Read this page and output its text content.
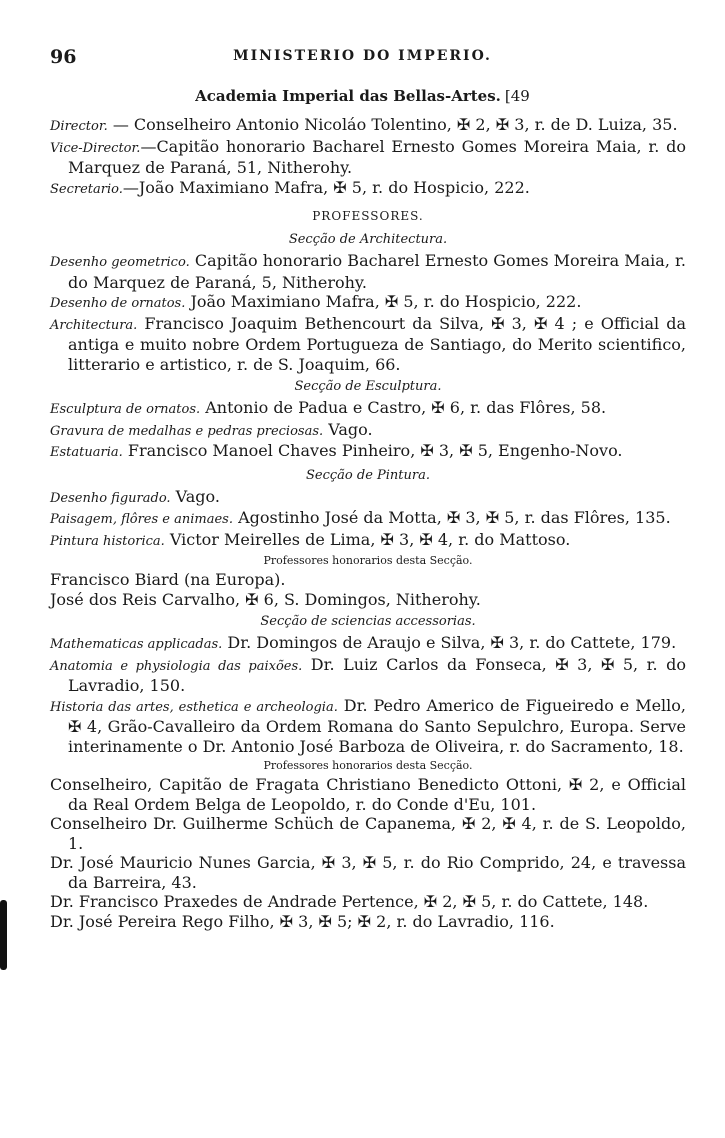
96	MINISTERIO DO IMPERIO.
Academia Imperial das Bellas-Artes. [49

Director. — Conselheiro Antonio Nicoláo Tolentino, ✠ 2, ✠ 3, r. de D. Luiza, 35.

Vice-Director.—Capitão honorario Bacharel Ernesto Gomes Moreira Maia, r. do Marquez de Paraná, 51, Nitherohy.

Secretario.—João Maximiano Mafra, ✠ 5, r. do Hospicio, 222.

PROFESSORES.

Secção de Architectura.

Desenho geometrico. Capitão honorario Bacharel Ernesto Gomes Moreira Maia, r. do Marquez de Paraná, 5, Nitherohy.

Desenho de ornatos. João Maximiano Mafra, ✠ 5, r. do Hospicio, 222.

Architectura. Francisco Joaquim Bethencourt da Silva, ✠ 3, ✠ 4 ; e Official da antiga e muito nobre Ordem Portugueza de Santiago, do Merito scientifico, litterario e artistico, r. de S. Joaquim, 66.

Secção de Esculptura.

Esculptura de ornatos. Antonio de Padua e Castro, ✠ 6, r. das Flôres, 58.

Gravura de medalhas e pedras preciosas. Vago.

Estatuaria. Francisco Manoel Chaves Pinheiro, ✠ 3, ✠ 5, Engenho-Novo.

Secção de Pintura.

Desenho figurado. Vago.

Paisagem, flôres e animaes. Agostinho José da Motta, ✠ 3, ✠ 5, r. das Flôres, 135.

Pintura historica. Victor Meirelles de Lima, ✠ 3, ✠ 4, r. do Mattoso.

Professores honorarios desta Secção.

Francisco Biard (na Europa).

José dos Reis Carvalho, ✠ 6, S. Domingos, Nitherohy.

Secção de sciencias accessorias.

Mathematicas applicadas. Dr. Domingos de Araujo e Silva, ✠ 3, r. do Cattete, 179.

Anatomia e physiologia das paixões. Dr. Luiz Carlos da Fonseca, ✠ 3, ✠ 5, r. do Lavradio, 150.

Historia das artes, esthetica e archeologia. Dr. Pedro Americo de Figueiredo e Mello, ✠ 4, Grão-Cavalleiro da Ordem Romana do Santo Sepulchro, Europa. Serve interinamente o Dr. Antonio José Barboza de Oliveira, r. do Sacramento, 18.

Professores honorarios desta Secção.

Conselheiro, Capitão de Fragata Christiano Benedicto Ottoni, ✠ 2, e Official da Real Ordem Belga de Leopoldo, r. do Conde d'Eu, 101.

Conselheiro Dr. Guilherme Schüch de Capanema, ✠ 2, ✠ 4, r. de S. Leopoldo, 1.

Dr. José Mauricio Nunes Garcia, ✠ 3, ✠ 5, r. do Rio Comprido, 24, e travessa da Barreira, 43.

Dr. Francisco Praxedes de Andrade Pertence, ✠ 2, ✠ 5, r. do Cattete, 148.

Dr. José Pereira Rego Filho, ✠ 3, ✠ 5; ✠ 2, r. do Lavradio, 116.
